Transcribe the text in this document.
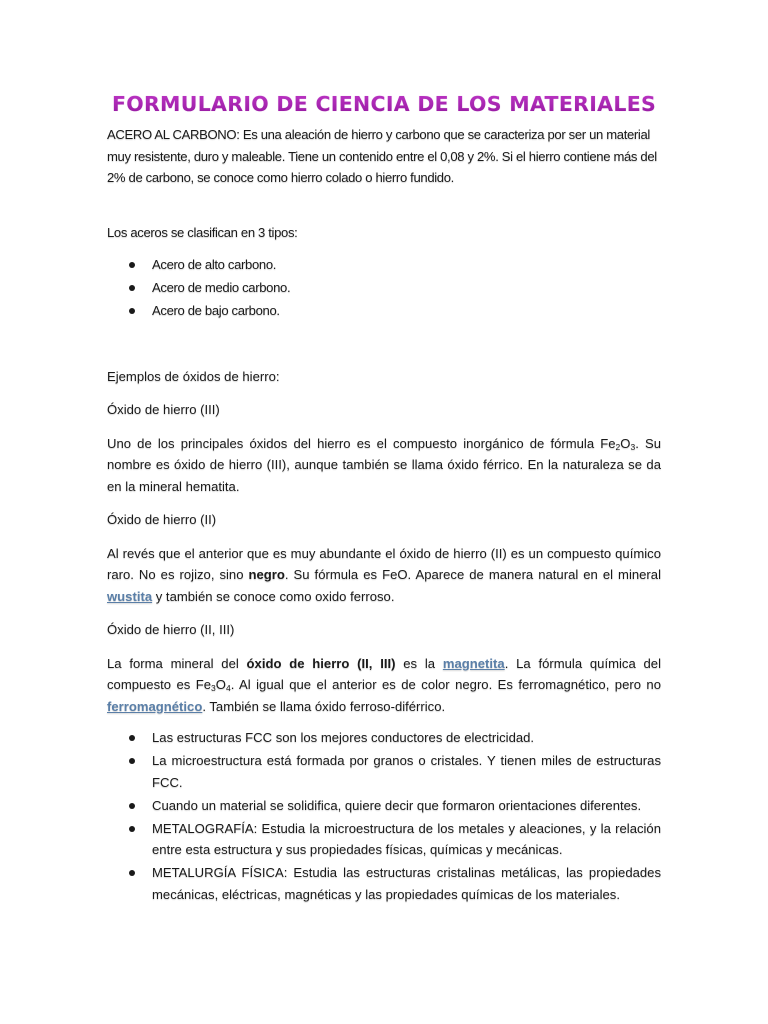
FORMULARIO DE CIENCIA DE LOS MATERIALES

ACERO AL CARBONO: Es una aleación de hierro y carbono que se caracteriza por ser un material muy resistente, duro y maleable. Tiene un contenido entre el 0,08 y 2%. Si el hierro contiene más del 2% de carbono, se conoce como hierro colado o hierro fundido.

Los aceros se clasifican en 3 tipos:

Acero de alto carbono.
Acero de medio carbono.
Acero de bajo carbono.

Ejemplos de óxidos de hierro:

Óxido de hierro (III)

Uno de los principales óxidos del hierro es el compuesto inorgánico de fórmula $Fe_2O_3$. Su nombre es óxido de hierro (III), aunque también se llama óxido férrico. En la naturaleza se da en la mineral hematita.

Óxido de hierro (II)

Al revés que el anterior que es muy abundante el óxido de hierro (II) es un compuesto químico raro. No es rojizo, sino negro. Su fórmula es FeO. Aparece de manera natural en el mineral wustita y también se conoce como oxido ferroso.

Óxido de hierro (II, III)

La forma mineral del óxido de hierro (II, III) es la magnetita. La fórmula química del compuesto es $Fe_3O_4$. Al igual que el anterior es de color negro. Es ferromagnético, pero no ferromagnético. También se llama óxido ferroso-diférrico.

Las estructuras FCC son los mejores conductores de electricidad.
La microestructura está formada por granos o cristales. Y tienen miles de estructuras FCC.
Cuando un material se solidifica, quiere decir que formaron orientaciones diferentes.
METALOGRAFÍA: Estudia la microestructura de los metales y aleaciones, y la relación entre esta estructura y sus propiedades físicas, químicas y mecánicas.
METALURGÍA FÍSICA: Estudia las estructuras cristalinas metálicas, las propiedades mecánicas, eléctricas, magnéticas y las propiedades químicas de los materiales.
